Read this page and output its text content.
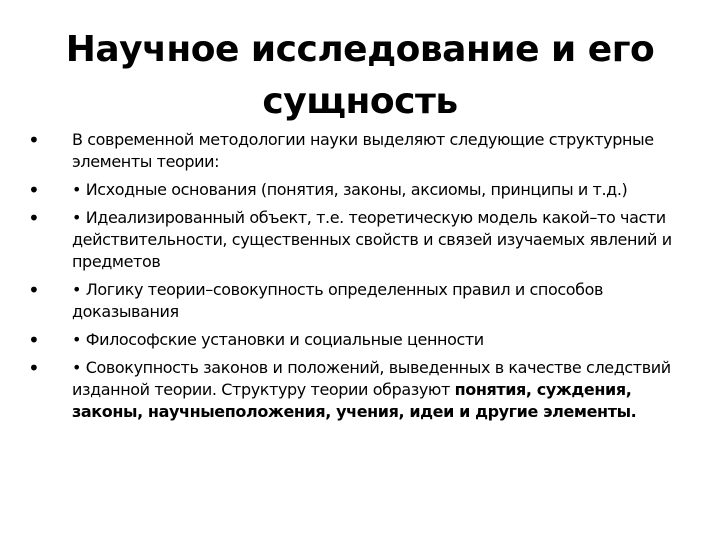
Научное исследование и его сущность
• В современной методологии науки выделяют следующие структурные элементы теории:
• • Исходные основания (понятия, законы, аксиомы, принципы и т.д.)
• • Идеализированный объект, т.е. теоретическую модель какой–то части действительности, существенных свойств и связей изучаемых явлений и предметов
• • Логику теории–совокупность определенных правил и способов доказывания
• • Философские установки и социальные ценности
• • Совокупность законов и положений, выведенных в качестве следствий изданной теории. Структуру теории образуют понятия, суждения, законы, научныеположения, учения, идеи и другие элементы.
